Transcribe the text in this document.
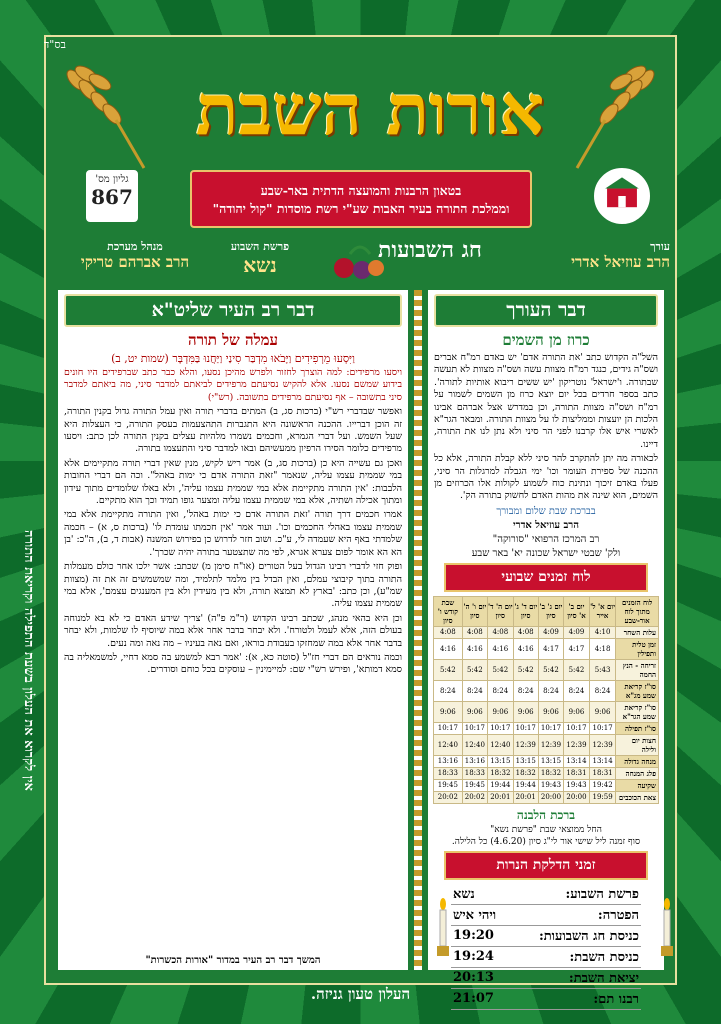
בס"ד
אורות השבת
גליון מס'
867	בטאון הרבנות והמועצה הדתית באר-שבע
וממלכת התורה בעיר האבות שע"י רשת מוסדות "קול יהודה"
מנהל מערכת
הרב אברהם טריקי
פרשת השבוע
נשא
חג השבועות	עורך
הרב עוזיאל אדרי
דבר רב העיר שליט"א
עמלה של תורה
וַיִּסְעוּ מֵרְפִידִים וַיָּבֹאוּ מִדְבַּר סִינַי וַיַּחֲנוּ בַּמִּדְבָּר (שמות יט, ב)

ויסעו מרפידים: למה הוצרך לחזור ולפרש מהיכן נסעו, והלא כבר כתב שברפידים היו חונים בידוע שמשם נסעו. אלא להקיש נסיעתם מרפידים לביאתם למדבר סיני, מה ביאתם למדבר סיני בתשובה – אף נסיעתם מרפידים בתשובה. (רש"י)

ואפשר שבדברי רש"י (ברכות סג, ב) המתים בדברי תורה ואין עמל התורה גדול בקנין התורה, זה הוכן דברייו. ההכנה הראשונה היא התגברות התהצעמות בעסק התורה, כי העצלות היא שעל השמש. ועל דברי הגמרא, וחכמים נשמרו מלהיות עצלים בקנין התורה לכן כתב: ויסעו מרפידים כלומר הסירו הרפיון ממעשיהם ובאו למדבר סיני והתעצמו בתורה.

ואכן גם עשייה היא כן (ברכות סג, ב) אמר ריש לקיש, מנין שאין דברי תורה מתקיימים אלא במי שממית עצמו עליה, שנאמר "זאת התורה אדם כי ימות באהל". וכה הם דברי החובות הלבבות: 'אין התורה מתקיימת אלא במי שממית עצמו עליה', ולא באלו שלומדים מתוך עידון ומתוך אכילה ושתיה, אלא במי שממית עצמו עליה ומצער גופו תמיד וכך הוא מתקיים.

אמרו חכמים דרך תורה 'זאת התורה אדם כי ימות באהל', ואין התורה מתקיימת אלא במי שממית עצמו באהלי החכמים וכו'. ועוד אמר 'אין חכמתו עומדת לו' (ברכות ס, א) – חכמה שלמדתי באף היא שעמדה לי, ע"כ. ושוב חזר לדרוש כן בפירוש המשנה (אבות ד, ב), ה"כ: 'בן הא הא אומר לפום צערא אגרא, לפי מה שתצטער בתורה יהיה שכרך'.

ופוק חזי לדברי רבינו הגדול בעל הטורים (או"ח סימן מ) שכתב: אשר ילכו אחר כולם מעמלות התורה בתוך קיבוצי עמלם, ואין הבדל בין מלמד לתלמיד, ומה שמשמשים זה את זה (מצוות שמ"ע), וכן כתב: 'בארץ לא תמצא תורה, ולא בין מעידין ולא בין המענגים עצמם', אלא במי שממית עצמו עליה.

וכן היא בהאי מנהג, שכתב רבינו הקדוש (ר"מ פ"ה) 'צריך שידע האדם כי לא בא למנוחה בעולם הזה, אלא לעמל ולטורח'. ולא יבחר בדבר אחר אלא במה שיוסיף לו שלמות, ולא יבחר בדבר אחר אלא במה שמחזקו בעבודת בוראו, ואם נאה בעיניו – מה נאה ומה נעים.

וכמה נוראים הם דברי חז"ל (סוטה כא, א): 'אמר רבא למשמע בה סמא דחיי, למשמאליה בה סמא דמותא', ופירש רש"י שם: למיימינין – עוסקים בכל כוחם וסודרים.

המשך דבר רב העיר במדור "אורות הכשרות"
דבר העורך
כרוז מן השמים

השל"ה הקדוש כתב 'את התורה אדם' יש באדם רמ"ח אברים ושס"ה גידים, כנגד רמ"ח מצוות עשה ושס"ה מצוות לא תעשה שבתורה. ו'ישראל' נוטריקון 'יש ששים ריבוא אותיות לתורה'. כתב בספר חרדים בכל יום יוצא כרוז מן השמים לשמור על רמ"ח ושס"ה מצוות התורה, וכן במדרש אצל אברהם אבינו הלכות הן יועצות וממליצות לו על מצוות התורה. ומבאר הגר"א לאשרי איש אלו קרבנו לפני הר סיני ולא נתן לנו את התורה, דיינו.

לכאורה מה יתן להתקרב להר סיני ללא קבלת התורה, אלא כל ההכנה של ספירת העומר וכו' ימי הגבלה למרגלות הר סיני, פעלו באדם זיכוך ונתינת כוח לשמוע לקולות אלו הכרוזים מן השמים, הוא שינה את מהות האדם לחשוק בתורה הק'.

בברכת שבת שלום ומבורך
הרב עוזיאל אדרי
רב המרכז הרפואי "סורוקה"
ולק' שבטי ישראל שכונה יא' באר שבע
לוח זמנים שבועי
לוח הזמנים מתוך לוח אור-שבע	יום א' ל' אייר	יום ב' א' סיון	יום ג' ב' סיון	יום ד' ג' סיון	יום ה' ד' סיון	יום ו' ה' סיון	שבת קודש ו' סיון
עלות השחר	4:10	4:09	4:09	4:08	4:08	4:08	4:08
זמן טלית ותפילין	4:18	4:17	4:17	4:16	4:16	4:16	4:16
זריחה - הנץ החמה	5:43	5:42	5:42	5:42	5:42	5:42	5:42
סו"ז קריאת שמע מג"א	8:24	8:24	8:24	8:24	8:24	8:24	8:24
סו"ז קריאת שמע הגר"א	9:06	9:06	9:06	9:06	9:06	9:06	9:06
סו"ז תפילה	10:17	10:17	10:17	10:17	10:17	10:17	10:17
חצות יום ולילה	12:39	12:39	12:39	12:39	12:40	12:40	12:40
מנחה גדולה	13:14	13:14	13:15	13:15	13:15	13:16	13:16
פלג המנחה	18:31	18:31	18:32	18:32	18:32	18:33	18:33
שקיעה	19:42	19:43	19:43	19:44	19:44	19:45	19:45
צאת הכוכבים	19:59	20:00	20:00	20:01	20:01	20:02	20:02
ברכת הלבנה
החל ממוצאי שבת "פרשת נשא"
סוף זמנה ליל שישי אור לי"ג סיון (4.6.20) כל הלילה.
זמני הדלקת הנרות
פרשת השבוע:	נשא
הפטרה:	ויהי איש
כניסת חג השבועות:	19:20
כניסת השבת:	19:24
יציאת השבת:	20:13
רבנו תם:	21:07
אין לקרוא את העלון בשעת התפילה וקריאת התורה
העלון טעון גניזה.
